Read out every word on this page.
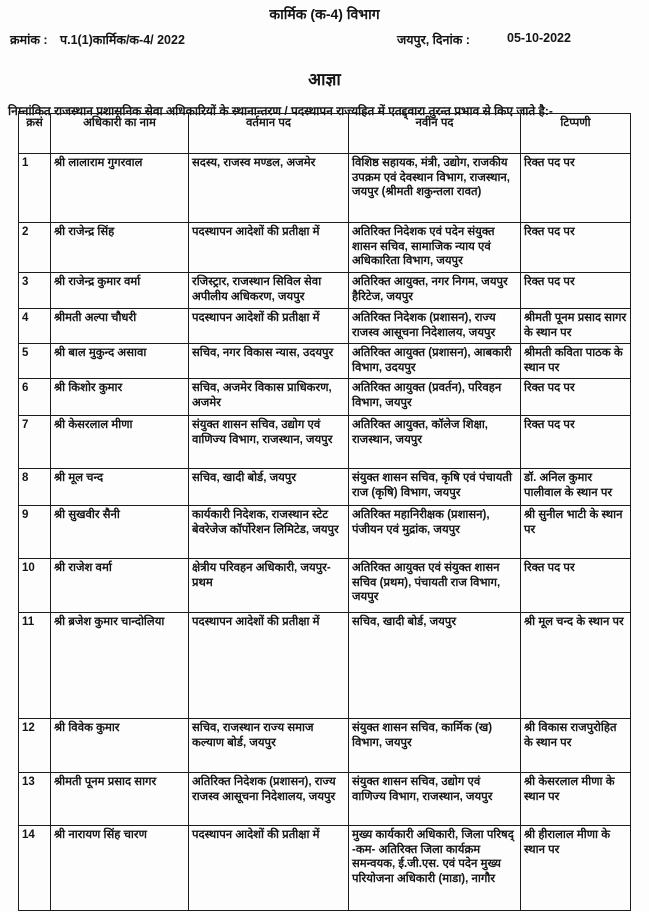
कार्मिक (क-4) विभाग
क्रमांक : प.1(1)कार्मिक/क-4/ 2022	जयपुर, दिनांक :	05-10-2022
आज्ञा
निम्नांकित राजस्थान प्रशासनिक सेवा अधिकारियों के स्थानान्तरण / पदस्थापन राज्यहित में एतद्द्वारा तुरन्त प्रभाव से किए जाते है:-
क्रसं	अधिकारी का नाम	वर्तमान पद	नवीन पद	टिप्पणी
1	श्री लालाराम गुगरवाल	सदस्य, राजस्व मण्डल, अजमेर	विशिष्ठ सहायक, मंत्री, उद्योग, राजकीय उपक्रम एवं देवस्थान विभाग, राजस्थान, जयपुर (श्रीमती शकुन्तला रावत)	रिक्त पद पर
2	श्री राजेन्द्र सिंह	पदस्थापन आदेशों की प्रतीक्षा में	अतिरिक्त निदेशक एवं पदेन संयुक्त शासन सचिव, सामाजिक न्याय एवं अधिकारिता विभाग, जयपुर	रिक्त पद पर
3	श्री राजेन्द्र कुमार वर्मा	रजिस्ट्रार, राजस्थान सिविल सेवा अपीलीय अधिकरण, जयपुर	अतिरिक्त आयुक्त, नगर निगम, जयपुर हैरिटेज, जयपुर	रिक्त पद पर
4	श्रीमती अल्पा चौधरी	पदस्थापन आदेशों की प्रतीक्षा में	अतिरिक्त निदेशक (प्रशासन), राज्य राजस्व आसूचना निदेशालय, जयपुर	श्रीमती पूनम प्रसाद सागर के स्थान पर
5	श्री बाल मुकुन्द असावा	सचिव, नगर विकास न्यास, उदयपुर	अतिरिक्त आयुक्त (प्रशासन), आबकारी विभाग, उदयपुर	श्रीमती कविता पाठक के स्थान पर
6	श्री किशोर कुमार	सचिव, अजमेर विकास प्राधिकरण, अजमेर	अतिरिक्त आयुक्त (प्रवर्तन), परिवहन विभाग, जयपुर	रिक्त पद पर
7	श्री केसरलाल मीणा	संयुक्त शासन सचिव, उद्योग एवं वाणिज्य विभाग, राजस्थान, जयपुर	अतिरिक्त आयुक्त, कॉलेज शिक्षा, राजस्थान, जयपुर	रिक्त पद पर
8	श्री मूल चन्द	सचिव, खादी बोर्ड, जयपुर	संयुक्त शासन सचिव, कृषि एवं पंचायती राज (कृषि) विभाग, जयपुर	डॉ. अनिल कुमार पालीवाल के स्थान पर
9	श्री सुखवीर सैनी	कार्यकारी निदेशक, राजस्थान स्टेट बेवरेजेज कॉर्पोरेशन लिमिटेड, जयपुर	अतिरिक्त महानिरीक्षक (प्रशासन), पंजीयन एवं मुद्रांक, जयपुर	श्री सुनील भाटी के स्थान पर
10	श्री राजेश वर्मा	क्षेत्रीय परिवहन अधिकारी, जयपुर-प्रथम	अतिरिक्त आयुक्त एवं संयुक्त शासन सचिव (प्रथम), पंचायती राज विभाग, जयपुर	रिक्त पद पर
11	श्री ब्रजेश कुमार चान्दोलिया	पदस्थापन आदेशों की प्रतीक्षा में	सचिव, खादी बोर्ड, जयपुर	श्री मूल चन्द के स्थान पर
12	श्री विवेक कुमार	सचिव, राजस्थान राज्य समाज कल्याण बोर्ड, जयपुर	संयुक्त शासन सचिव, कार्मिक (ख) विभाग, जयपुर	श्री विकास राजपुरोहित के स्थान पर
13	श्रीमती पूनम प्रसाद सागर	अतिरिक्त निदेशक (प्रशासन), राज्य राजस्व आसूचना निदेशालय, जयपुर	संयुक्त शासन सचिव, उद्योग एवं वाणिज्य विभाग, राजस्थान, जयपुर	श्री केसरलाल मीणा के स्थान पर
14	श्री नारायण सिंह चारण	पदस्थापन आदेशों की प्रतीक्षा में	मुख्य कार्यकारी अधिकारी, जिला परिषद् -कम- अतिरिक्त जिला कार्यक्रम समन्वयक, ई.जी.एस. एवं पदेन मुख्य परियोजना अधिकारी (माडा), नागौर	श्री हीरालाल मीणा के स्थान पर
